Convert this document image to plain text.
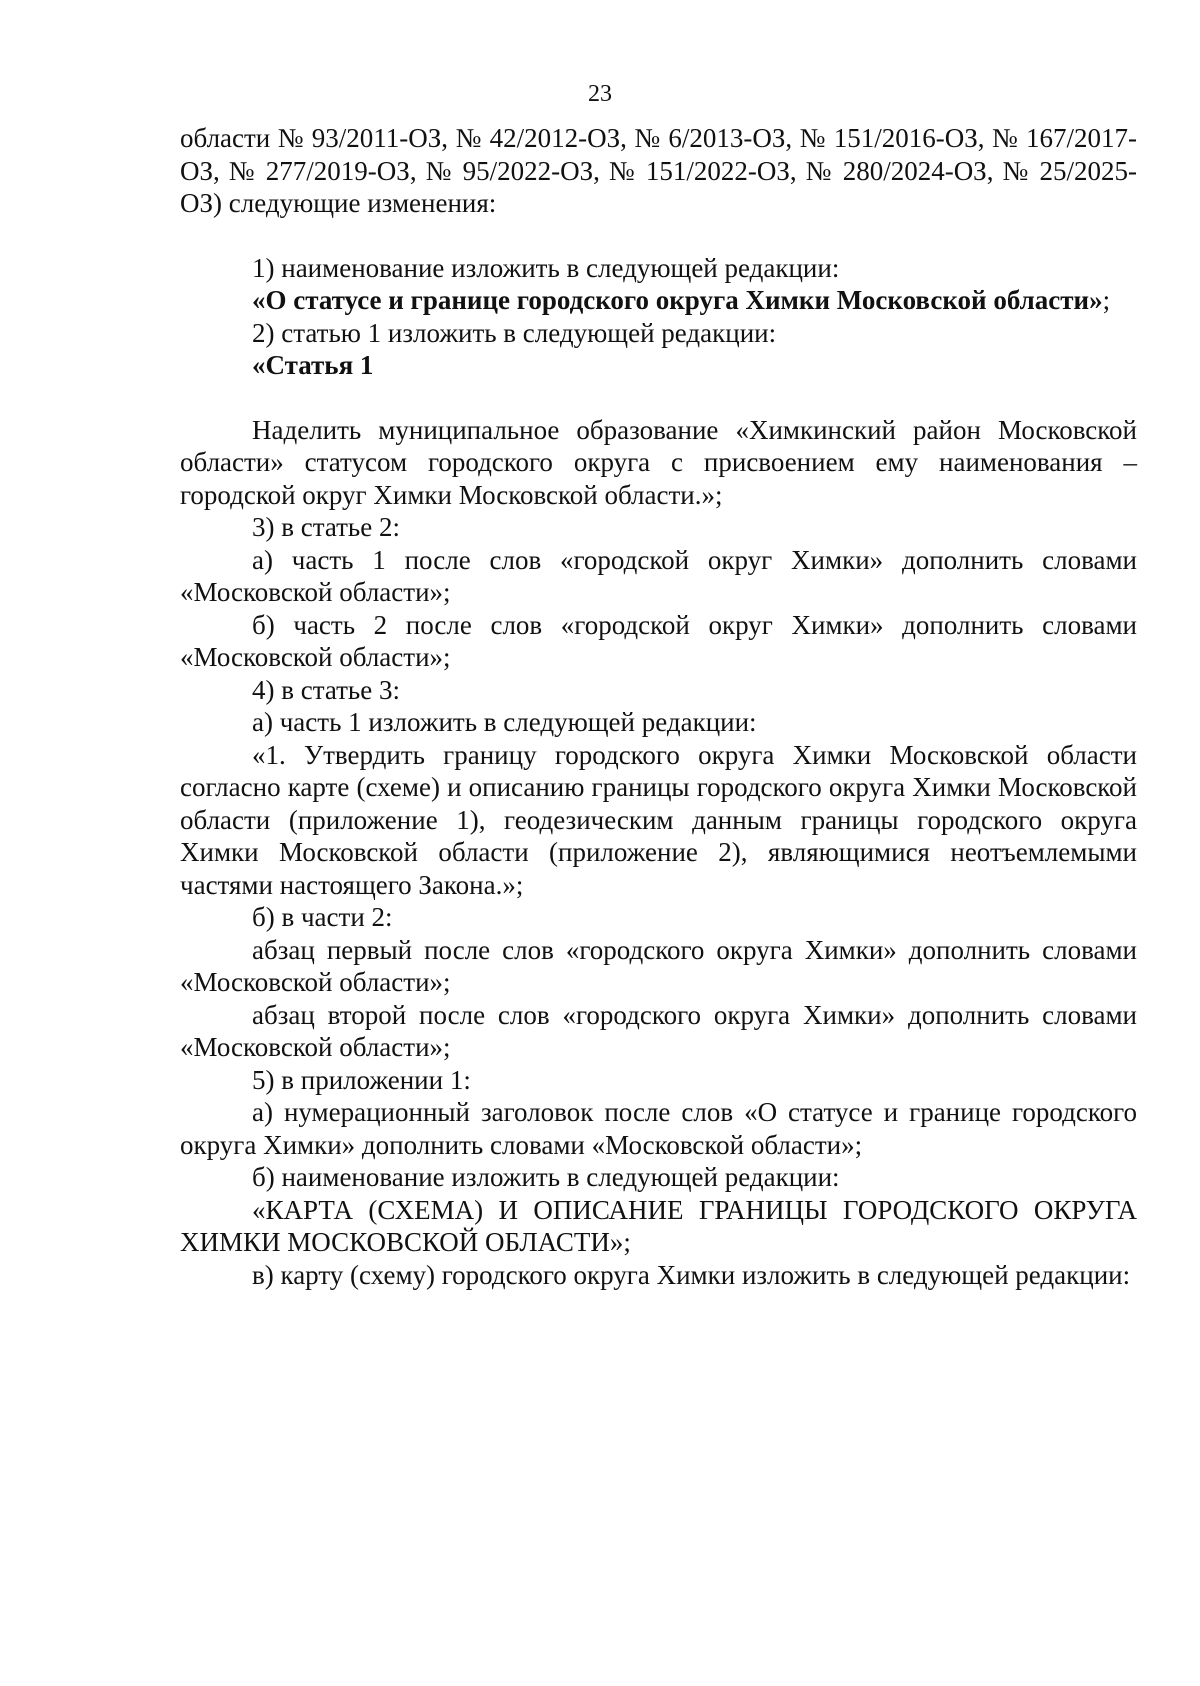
23

области № 93/2011-ОЗ, № 42/2012-ОЗ, № 6/2013-ОЗ, № 151/2016-ОЗ, № 167/2017-ОЗ, № 277/2019-ОЗ, № 95/2022-ОЗ, № 151/2022-ОЗ, № 280/2024-ОЗ, № 25/2025-ОЗ) следующие изменения:

1) наименование изложить в следующей редакции:

«О статусе и границе городского округа Химки Московской области»;

2) статью 1 изложить в следующей редакции:

«Статья 1

Наделить муниципальное образование «Химкинский район Московской области» статусом городского округа с присвоением ему наименования – городской округ Химки Московской области.»;

3) в статье 2:

а) часть 1 после слов «городской округ Химки» дополнить словами «Московской области»;

б) часть 2 после слов «городской округ Химки» дополнить словами «Московской области»;

4) в статье 3:

а) часть 1 изложить в следующей редакции:

«1. Утвердить границу городского округа Химки Московской области согласно карте (схеме) и описанию границы городского округа Химки Московской области (приложение 1), геодезическим данным границы городского округа Химки Московской области (приложение 2), являющимися неотъемлемыми частями настоящего Закона.»;

б) в части 2:

абзац первый после слов «городского округа Химки» дополнить словами «Московской области»;

абзац второй после слов «городского округа Химки» дополнить словами «Московской области»;

5) в приложении 1:

а) нумерационный заголовок после слов «О статусе и границе городского округа Химки» дополнить словами «Московской области»;

б) наименование изложить в следующей редакции:

«КАРТА (СХЕМА) И ОПИСАНИЕ ГРАНИЦЫ ГОРОДСКОГО ОКРУГА ХИМКИ МОСКОВСКОЙ ОБЛАСТИ»;

в) карту (схему) городского округа Химки изложить в следующей редакции:
